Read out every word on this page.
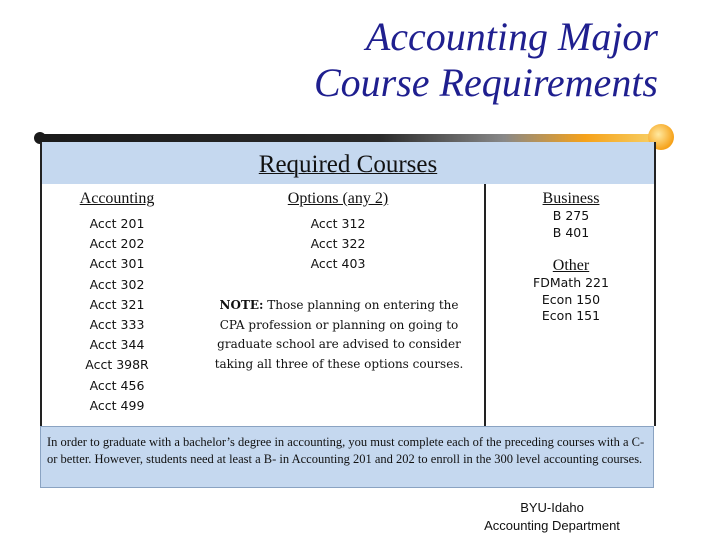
Accounting Major
Course Requirements
Required Courses
Accounting
Acct 201
Acct 202
Acct 301
Acct 302
Acct 321
Acct 333
Acct 344
Acct 398R
Acct 456
Acct 499
Options (any 2)
Acct 312
Acct 322
Acct 403
NOTE: Those planning on entering the CPA profession or planning on going to graduate school are advised to consider taking all three of these options courses.
Business
B 275
B 401
Other
FDMath 221
Econ 150
Econ 151
In order to graduate with a bachelor’s degree in accounting, you must complete each of the preceding courses with a C- or better. However, students need at least a B- in Accounting 201 and 202 to enroll in the 300 level accounting courses.
BYU-Idaho
Accounting Department
